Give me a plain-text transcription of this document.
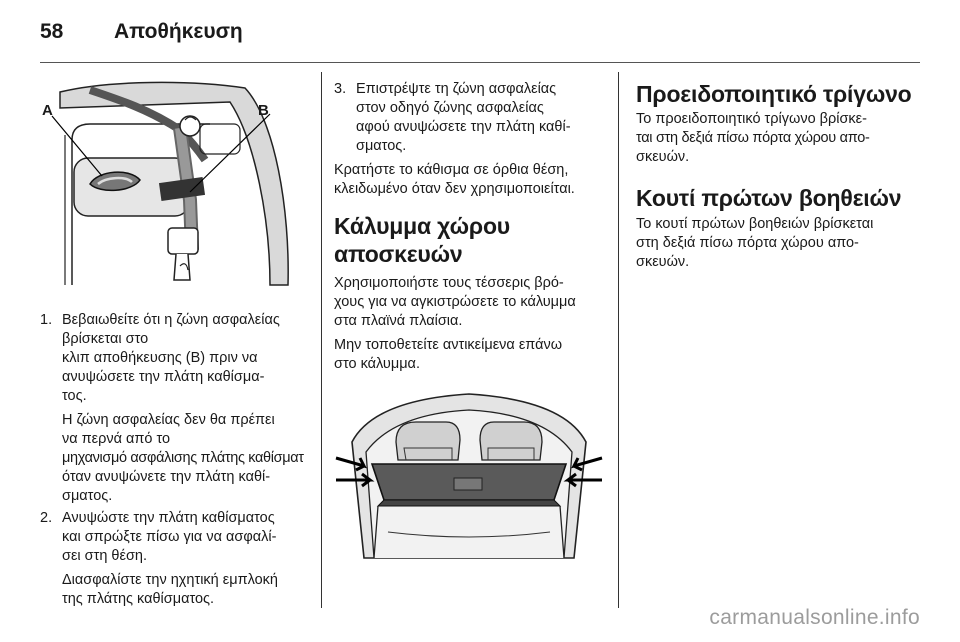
58 Αποθήκευση
A	B
1. Βεβαιωθείτε ότι η ζώνη ασφαλείας
βρίσκεται στο
κλιπ αποθήκευσης (B) πριν να
ανυψώσετε την πλάτη καθίσμα-
τος.
Η ζώνη ασφαλείας δεν θα πρέπει
να περνά από το
μηχανισμό ασφάλισης πλάτης καθίσματ
όταν ανυψώνετε την πλάτη καθί-
σματος.
2. Ανυψώστε την πλάτη καθίσματος
και σπρώξτε πίσω για να ασφαλί-
σει στη θέση.
Διασφαλίστε την ηχητική εμπλοκή
της πλάτης καθίσματος.
3. Επιστρέψτε τη ζώνη ασφαλείας
στον οδηγό ζώνης ασφαλείας
αφού ανυψώσετε την πλάτη καθί-
σματος.
Κρατήστε το κάθισμα σε όρθια θέση,
κλειδωμένο όταν δεν χρησιμοποιείται.
Κάλυμμα χώρου
αποσκευών
Χρησιμοποιήστε τους τέσσερις βρό-
χους για να αγκιστρώσετε το κάλυμμα
στα πλαϊνά πλαίσια.
Μην τοποθετείτε αντικείμενα επάνω
στο κάλυμμα.
Προειδοποιητικό τρίγωνο
Το προειδοποιητικό τρίγωνο βρίσκε-
ται στη δεξιά πίσω πόρτα χώρου απο-
σκευών.
Κουτί πρώτων βοηθειών
Το κουτί πρώτων βοηθειών βρίσκεται
στη δεξιά πίσω πόρτα χώρου απο-
σκευών.
carmanualsonline.info
